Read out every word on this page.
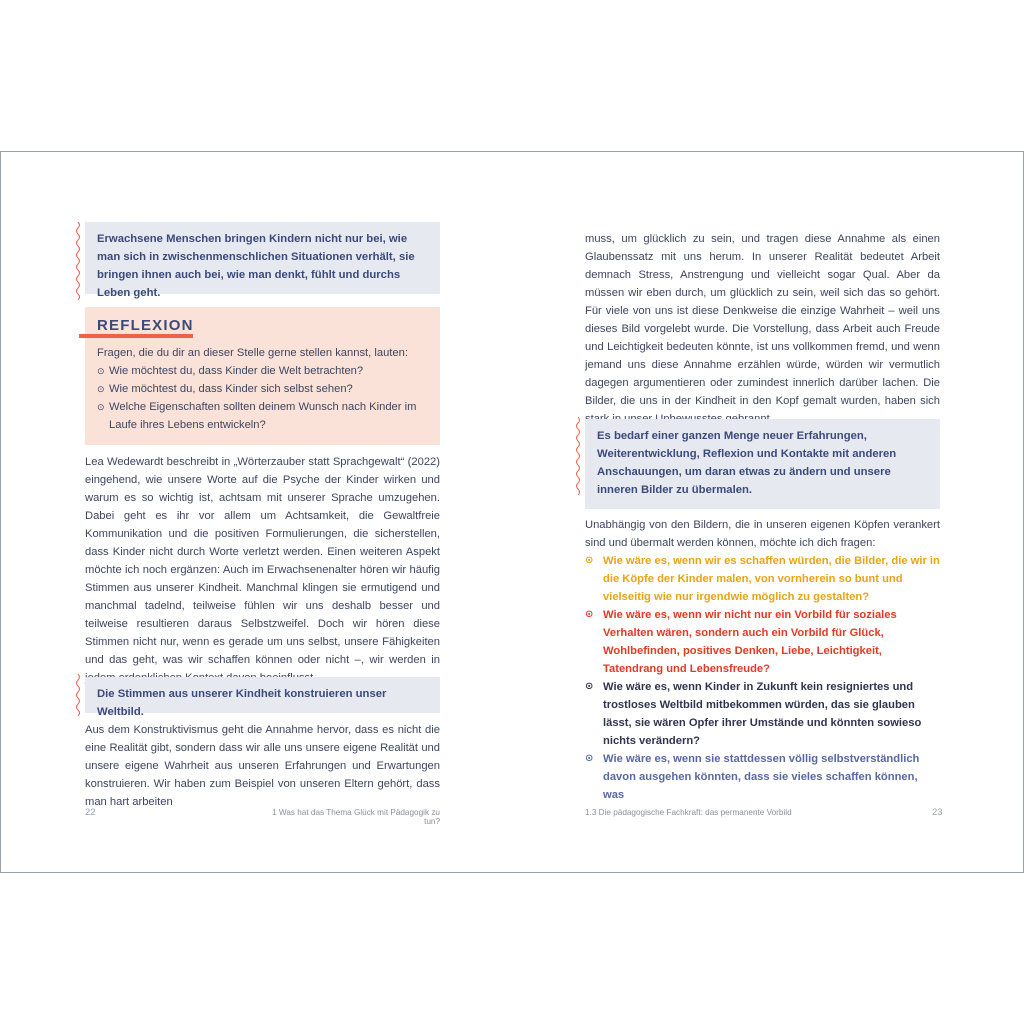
Erwachsene Menschen bringen Kindern nicht nur bei, wie man sich in zwischenmenschlichen Situationen verhält, sie bringen ihnen auch bei, wie man denkt, fühlt und durchs Leben geht.
REFLEXION
Fragen, die du dir an dieser Stelle gerne stellen kannst, lauten:
⊙ Wie möchtest du, dass Kinder die Welt betrachten?
⊙ Wie möchtest du, dass Kinder sich selbst sehen?
⊙ Welche Eigenschaften sollten deinem Wunsch nach Kinder im Laufe ihres Lebens entwickeln?
Lea Wedewardt beschreibt in „Wörterzauber statt Sprachgewalt“ (2022) eingehend, wie unsere Worte auf die Psyche der Kinder wirken und warum es so wichtig ist, achtsam mit unserer Sprache umzugehen. Dabei geht es ihr vor allem um Achtsamkeit, die Gewaltfreie Kommunikation und die positiven Formulierungen, die sicherstellen, dass Kinder nicht durch Worte verletzt werden. Einen weiteren Aspekt möchte ich noch ergänzen: Auch im Erwachsenenalter hören wir häufig Stimmen aus unserer Kindheit. Manchmal klingen sie ermutigend und manchmal tadelnd, teilweise fühlen wir uns deshalb besser und teilweise resultieren daraus Selbstzweifel. Doch wir hören diese Stimmen nicht nur, wenn es gerade um uns selbst, unsere Fähigkeiten und das geht, was wir schaffen können oder nicht –, wir werden in
Die Stimmen aus unserer Kindheit konstruieren unser Weltbild.
Aus dem Konstruktivismus geht die Annahme hervor, dass es nicht die eine Realität gibt, sondern dass wir alle uns unsere eigene Realität und unsere eigene Wahrheit aus unseren Erfahrungen und Erwartungen konstruieren. Wir haben zum Beispiel von unseren Eltern gehört, dass man hart arbeiten
22	1 Was hat das Thema Glück mit Pädagogik zu tun?
muss, um glücklich zu sein, und tragen diese Annahme als einen Glaubenssatz mit uns herum. In unserer Realität bedeutet Arbeit demnach Stress, Anstrengung und vielleicht sogar Qual. Aber da müssen wir eben durch, um glücklich zu sein, weil sich das so gehört. Für viele von uns ist diese Denkweise die einzige Wahrheit – weil uns dieses Bild vorgelebt wurde. Die Vorstellung, dass Arbeit auch Freude und Leichtigkeit bedeuten könnte, ist uns vollkommen fremd, und wenn jemand uns diese Annahme erzählen würde, würden wir vermutlich dagegen argumentieren oder zumindest innerlich darüber lachen. Die Bilder, die uns in der Kindheit in den Kopf gemalt wurden, haben sich
Es bedarf einer ganzen Menge neuer Erfahrungen, Weiterentwicklung, Reflexion und Kontakte mit anderen Anschauungen, um daran etwas zu ändern und unsere inneren Bilder zu übermalen.
Unabhängig von den Bildern, die in unseren eigenen Köpfen verankert sind und übermalt werden können, möchte ich dich fragen:
⊙ Wie wäre es, wenn wir es schaffen würden, die Bilder, die wir in die Köpfe der Kinder malen, von vornherein so bunt und vielseitig wie nur irgendwie möglich zu gestalten?
⊙ Wie wäre es, wenn wir nicht nur ein Vorbild für soziales Verhalten wären, sondern auch ein Vorbild für Glück, Wohlbefinden, positives Denken, Liebe, Leichtigkeit, Tatendrang und Lebensfreude?
⊙ Wie wäre es, wenn Kinder in Zukunft kein resigniertes und trostloses Weltbild mitbekommen würden, das sie glauben lässt, sie wären Opfer ihrer Umstände und könnten sowieso nichts verändern?
⊙ Wie wäre es, wenn sie stattdessen völlig selbstverständlich davon ausgehen könnten, dass sie vieles schaffen können, was
1.3 Die pädagogische Fachkraft: das permanente Vorbild	23
